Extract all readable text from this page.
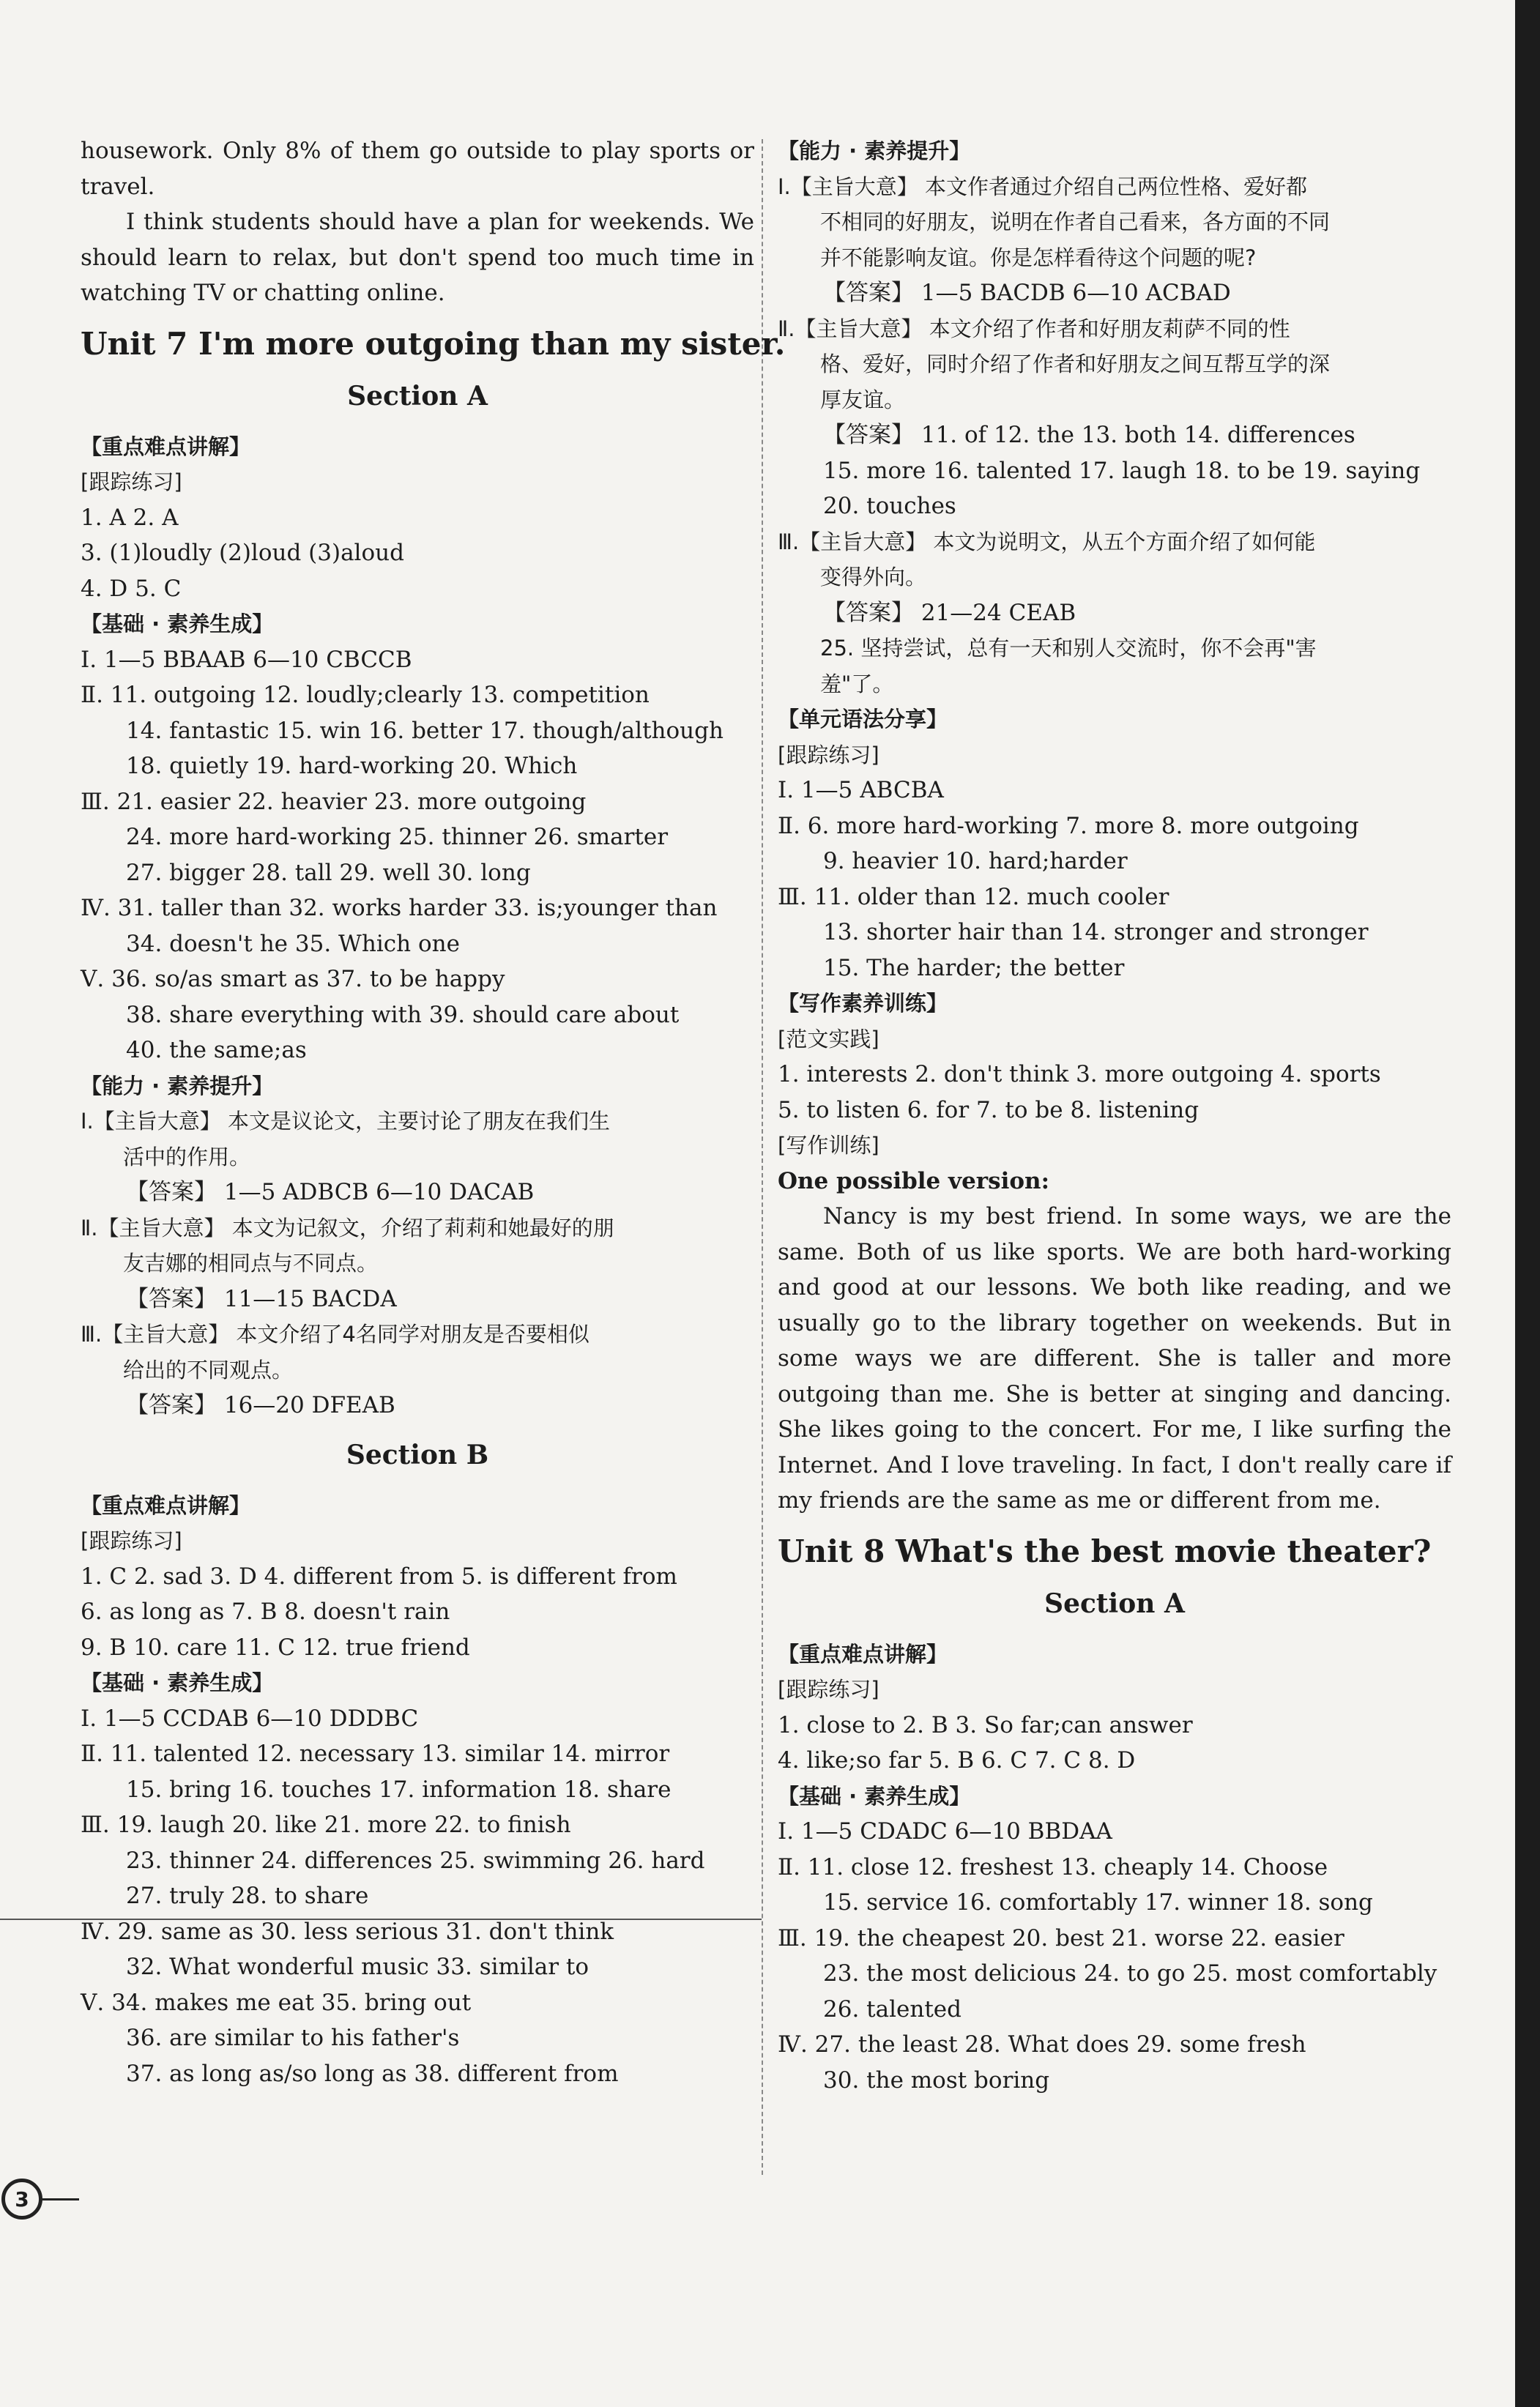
3
housework. Only 8% of them go outside to play sports or travel.
I think students should have a plan for weekends. We should learn to relax, but don't spend too much time in watching TV or chatting online.
Unit 7 I'm more outgoing than my sister.
Section A
【重点难点讲解】
[跟踪练习]
1. A 2. A
3. (1)loudly (2)loud (3)aloud
4. D 5. C
【基础 · 素养生成】
Ⅰ. 1—5 BBAAB 6—10 CBCCB
Ⅱ. 11. outgoing 12. loudly;clearly 13. competition
14. fantastic 15. win 16. better 17. though/although
18. quietly 19. hard-working 20. Which
Ⅲ. 21. easier 22. heavier 23. more outgoing
24. more hard-working 25. thinner 26. smarter
27. bigger 28. tall 29. well 30. long
Ⅳ. 31. taller than 32. works harder 33. is;younger than
34. doesn't he 35. Which one
Ⅴ. 36. so/as smart as 37. to be happy
38. share everything with 39. should care about
40. the same;as
【能力 · 素养提升】
Ⅰ.【主旨大意】 本文是议论文，主要讨论了朋友在我们生
活中的作用。
【答案】 1—5 ADBCB 6—10 DACAB
Ⅱ.【主旨大意】 本文为记叙文，介绍了莉莉和她最好的朋
友吉娜的相同点与不同点。
【答案】 11—15 BACDA
Ⅲ.【主旨大意】 本文介绍了4名同学对朋友是否要相似
给出的不同观点。
【答案】 16—20 DFEAB
Section B
【重点难点讲解】
[跟踪练习]
1. C 2. sad 3. D 4. different from 5. is different from
6. as long as 7. B 8. doesn't rain
9. B 10. care 11. C 12. true friend
【基础 · 素养生成】
Ⅰ. 1—5 CCDAB 6—10 DDDBC
Ⅱ. 11. talented 12. necessary 13. similar 14. mirror
15. bring 16. touches 17. information 18. share
Ⅲ. 19. laugh 20. like 21. more 22. to finish
23. thinner 24. differences 25. swimming 26. hard
27. truly 28. to share
Ⅳ. 29. same as 30. less serious 31. don't think
32. What wonderful music 33. similar to
Ⅴ. 34. makes me eat 35. bring out
36. are similar to his father's
37. as long as/so long as 38. different from
【能力 · 素养提升】
Ⅰ.【主旨大意】 本文作者通过介绍自己两位性格、爱好都
不相同的好朋友，说明在作者自己看来，各方面的不同
并不能影响友谊。你是怎样看待这个问题的呢?
【答案】 1—5 BACDB 6—10 ACBAD
Ⅱ.【主旨大意】 本文介绍了作者和好朋友莉萨不同的性
格、爱好，同时介绍了作者和好朋友之间互帮互学的深
厚友谊。
【答案】 11. of 12. the 13. both 14. differences
15. more 16. talented 17. laugh 18. to be 19. saying
20. touches
Ⅲ.【主旨大意】 本文为说明文，从五个方面介绍了如何能
变得外向。
【答案】 21—24 CEAB
25. 坚持尝试，总有一天和别人交流时，你不会再"害
羞"了。
【单元语法分享】
[跟踪练习]
Ⅰ. 1—5 ABCBA
Ⅱ. 6. more hard-working 7. more 8. more outgoing
9. heavier 10. hard;harder
Ⅲ. 11. older than 12. much cooler
13. shorter hair than 14. stronger and stronger
15. The harder; the better
【写作素养训练】
[范文实践]
1. interests 2. don't think 3. more outgoing 4. sports
5. to listen 6. for 7. to be 8. listening
[写作训练]
One possible version:
Nancy is my best friend. In some ways, we are the same. Both of us like sports. We are both hard-working and good at our lessons. We both like reading, and we usually go to the library together on weekends. But in some ways we are different. She is taller and more outgoing than me. She is better at singing and dancing. She likes going to the concert. For me, I like surfing the Internet. And I love traveling. In fact, I don't really care if my friends are the same as me or different from me.
Unit 8 What's the best movie theater?
Section A
【重点难点讲解】
[跟踪练习]
1. close to 2. B 3. So far;can answer
4. like;so far 5. B 6. C 7. C 8. D
【基础 · 素养生成】
Ⅰ. 1—5 CDADC 6—10 BBDAA
Ⅱ. 11. close 12. freshest 13. cheaply 14. Choose
15. service 16. comfortably 17. winner 18. song
Ⅲ. 19. the cheapest 20. best 21. worse 22. easier
23. the most delicious 24. to go 25. most comfortably
26. talented
Ⅳ. 27. the least 28. What does 29. some fresh
30. the most boring
